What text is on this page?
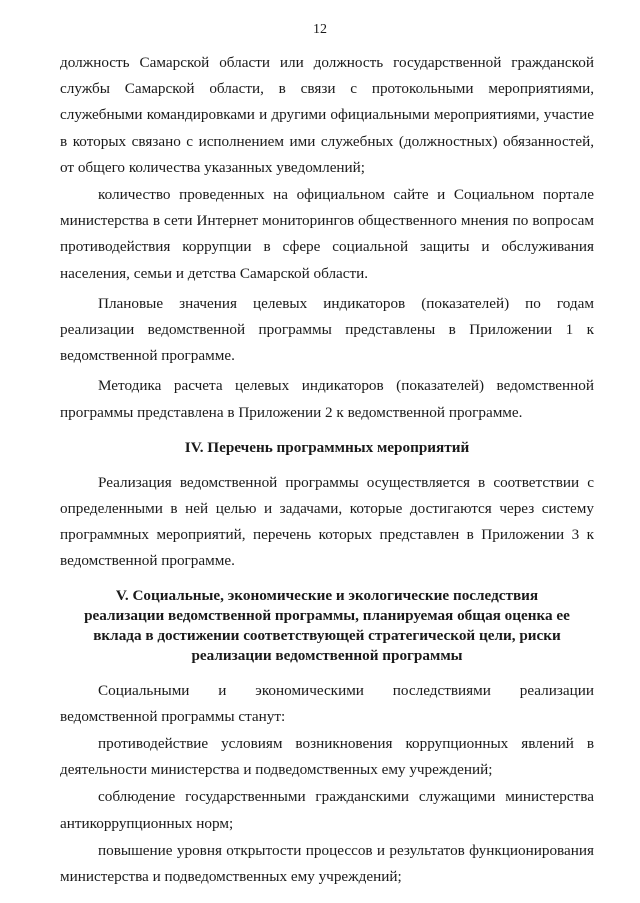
12

должность Самарской области или должность государственной гражданской службы Самарской области, в связи с протокольными мероприятиями, служебными командировками и другими официальными мероприятиями, участие в которых связано с исполнением ими служебных (должностных) обязанностей, от общего количества указанных уведомлений;

количество проведенных на официальном сайте и Социальном портале министерства в сети Интернет мониторингов общественного мнения по вопросам противодействия коррупции в сфере социальной защиты и обслуживания населения, семьи и детства Самарской области.

Плановые значения целевых индикаторов (показателей) по годам реализации ведомственной программы представлены в Приложении 1 к ведомственной программе.

Методика расчета целевых индикаторов (показателей) ведомственной программы представлена в Приложении 2 к ведомственной программе.

IV. Перечень программных мероприятий

Реализация ведомственной программы осуществляется в соответствии с определенными в ней целью и задачами, которые достигаются через систему программных мероприятий, перечень которых представлен в Приложении 3 к ведомственной программе.

V. Социальные, экономические и экологические последствия
реализации ведомственной программы, планируемая общая оценка ее
вклада в достижении соответствующей стратегической цели, риски
реализации ведомственной программы

Социальными и экономическими последствиями реализации ведомственной программы станут:

противодействие условиям возникновения коррупционных явлений в деятельности министерства и подведомственных ему учреждений;

соблюдение государственными гражданскими служащими министерства антикоррупционных норм;

повышение уровня открытости процессов и результатов функционирования министерства и подведомственных ему учреждений;
